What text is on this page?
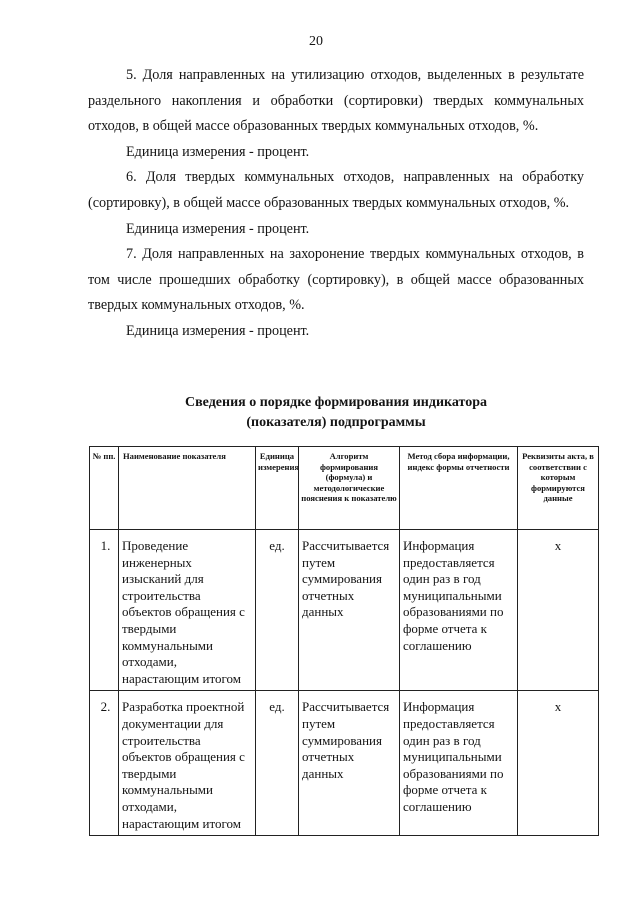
20

5. Доля направленных на утилизацию отходов, выделенных в результате раздельного накопления и обработки (сортировки) твердых коммунальных отходов, в общей массе образованных твердых коммунальных отходов, %.

Единица измерения - процент.

6. Доля твердых коммунальных отходов, направленных на обработку (сортировку), в общей массе образованных твердых коммунальных отходов, %.

Единица измерения - процент.

7. Доля направленных на захоронение твердых коммунальных отходов, в том числе прошедших обработку (сортировку), в общей массе образованных твердых коммунальных отходов, %.

Единица измерения - процент.

Сведения о порядке формирования индикатора
(показателя) подпрограммы
№ пп.	Наименование показателя	Единица измерения	Алгоритм формирования (формула) и методологические пояснения к показателю	Метод сбора информации, индекс формы отчетности	Реквизиты акта, в соответствии с которым формируются данные
1.	Проведение инженерных изысканий для строительства объектов обращения с твердыми коммунальными отходами, нарастающим итогом	ед.	Рассчитывается путем суммирования отчетных данных	Информация предоставляется один раз в год муниципальными образованиями по форме отчета к соглашению	х
2.	Разработка проектной документации для строительства объектов обращения с твердыми коммунальными отходами, нарастающим итогом	ед.	Рассчитывается путем суммирования отчетных данных	Информация предоставляется один раз в год муниципальными образованиями по форме отчета к соглашению	х
